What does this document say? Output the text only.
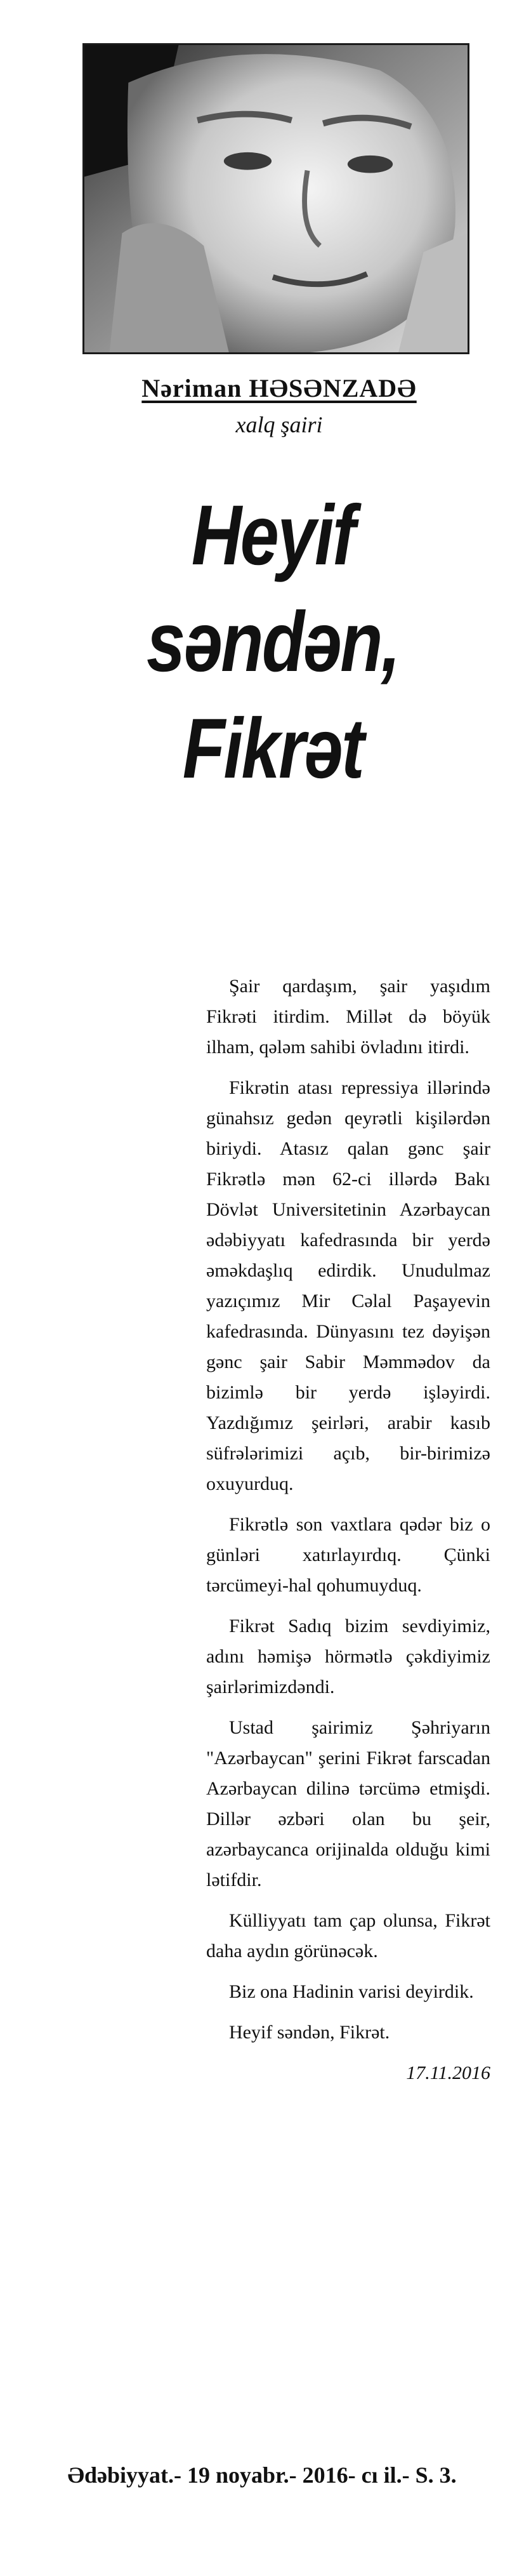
Nəriman HƏSƏNZADƏ
xalq şairi
Heyif
səndən,
Fikrət

Şair qardaşım, şair yaşıdım Fikrəti itirdim. Millət də böyük ilham, qələm sahibi övladını itirdi.

Fikrətin atası repressiya illərində günahsız gedən qeyrətli kişilərdən biriydi. Atasız qalan gənc şair Fikrətlə mən 62-ci illərdə Bakı Dövlət Universitetinin Azərbaycan ədəbiyyatı kafedrasında bir yerdə əməkdaşlıq edirdik. Unudulmaz yazıçımız Mir Cəlal Paşayevin kafedrasında. Dünyasını tez dəyişən gənc şair Sabir Məmmədov da bizimlə bir yerdə işləyirdi. Yazdığımız şeirləri, arabir kasıb süfrələrimizi açıb, bir-birimizə oxuyurduq.

Fikrətlə son vaxtlara qədər biz o günləri xatırlayırdıq. Çünki tərcümeyi-hal qohumuyduq.

Fikrət Sadıq bizim sevdiyimiz, adını həmişə hörmətlə çəkdiyimiz şairlərimizdəndi.

Ustad şairimiz Şəhriyarın "Azərbaycan" şerini Fikrət farscadan Azərbaycan dilinə tərcümə etmişdi. Dillər əzbəri olan bu şeir, azərbaycanca orijinalda olduğu kimi lətifdir.

Külliyyatı tam çap olunsa, Fikrət daha aydın görünəcək.

Biz ona Hadinin varisi deyirdik.

Heyif səndən, Fikrət.

17.11.2016

Ədəbiyyat.- 19 noyabr.- 2016- cı il.- S. 3.
